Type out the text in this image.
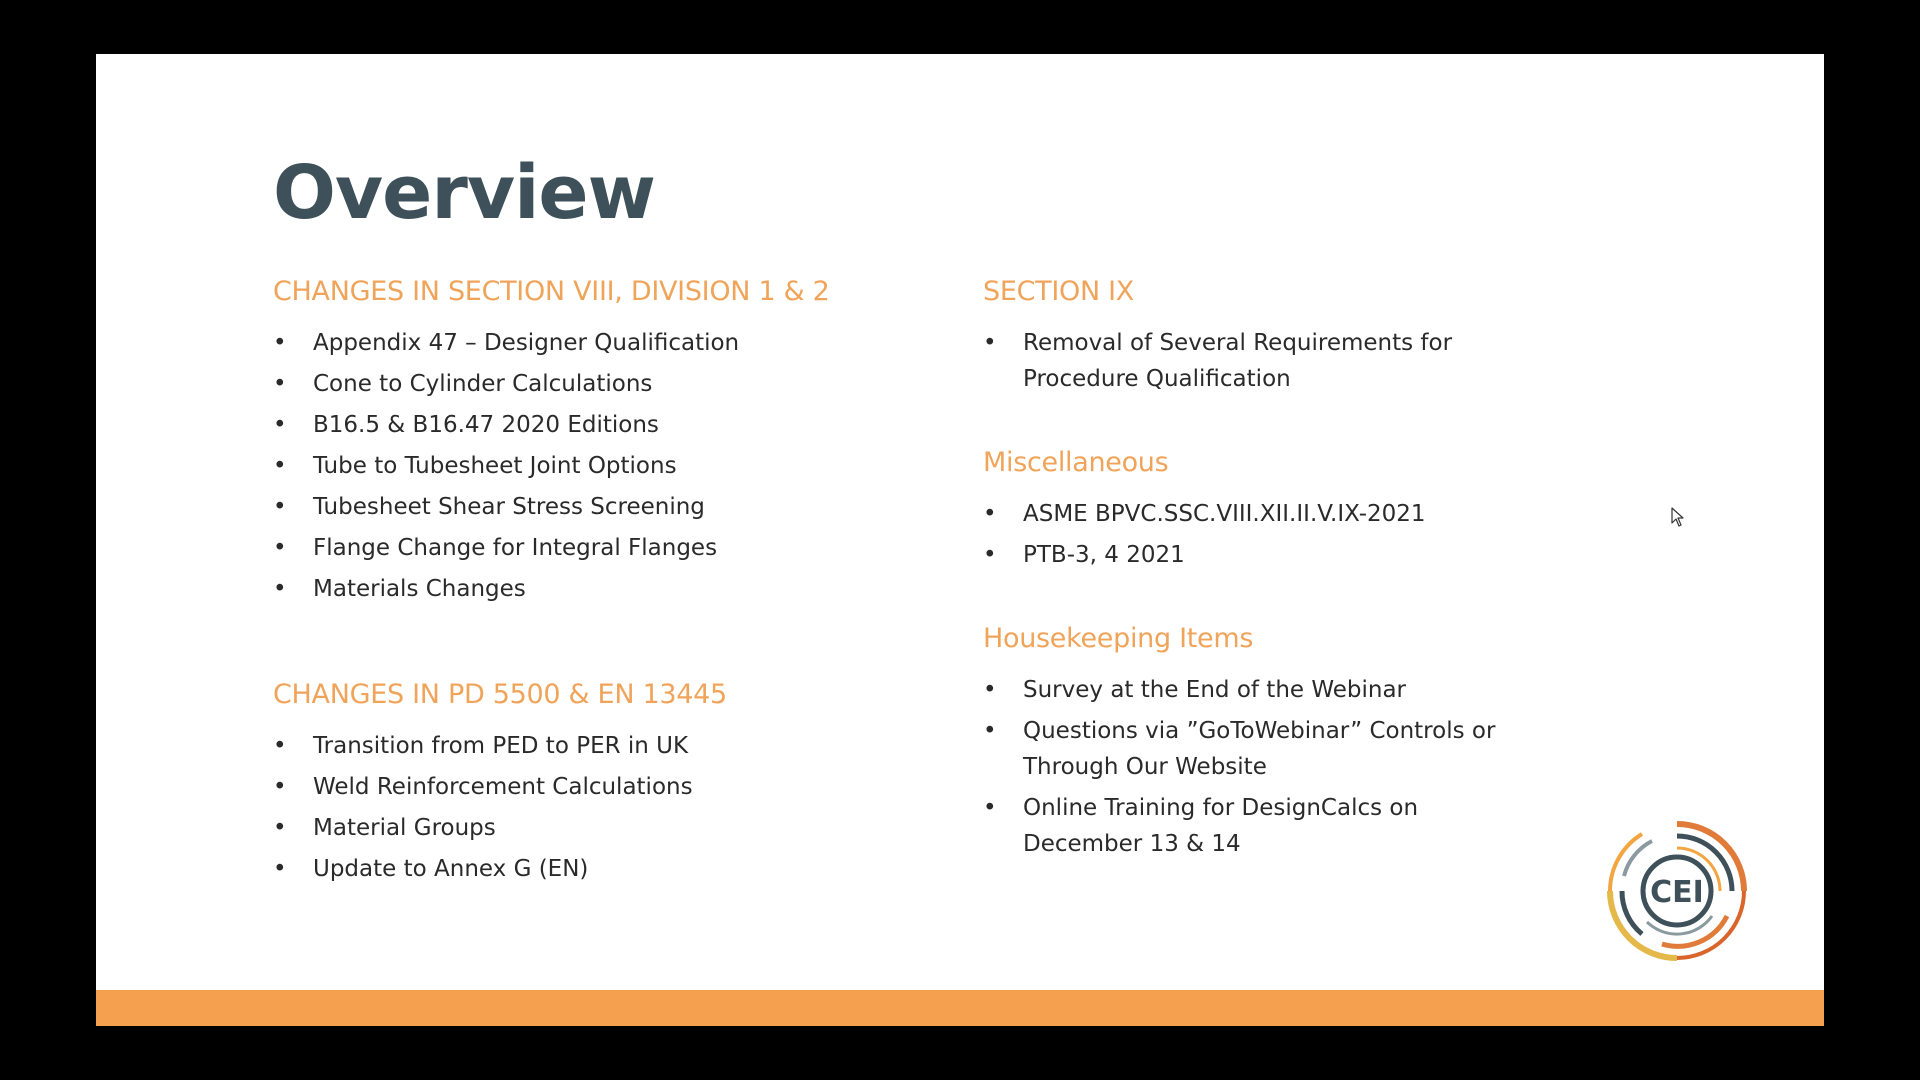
Overview
CHANGES IN SECTION VIII, DIVISION 1 & 2
• Appendix 47 – Designer Qualification
• Cone to Cylinder Calculations
• B16.5 & B16.47 2020 Editions
• Tube to Tubesheet Joint Options
• Tubesheet Shear Stress Screening
• Flange Change for Integral Flanges
• Materials Changes
CHANGES IN PD 5500 & EN 13445
• Transition from PED to PER in UK
• Weld Reinforcement Calculations
• Material Groups
• Update to Annex G (EN)
SECTION IX
• Removal of Several Requirements for Procedure Qualification
Miscellaneous
• ASME BPVC.SSC.VIII.XII.II.V.IX-2021
• PTB-3, 4 2021
Housekeeping Items
• Survey at the End of the Webinar
• Questions via ”GoToWebinar” Controls or Through Our Website
• Online Training for DesignCalcs on December 13 & 14
CEI
